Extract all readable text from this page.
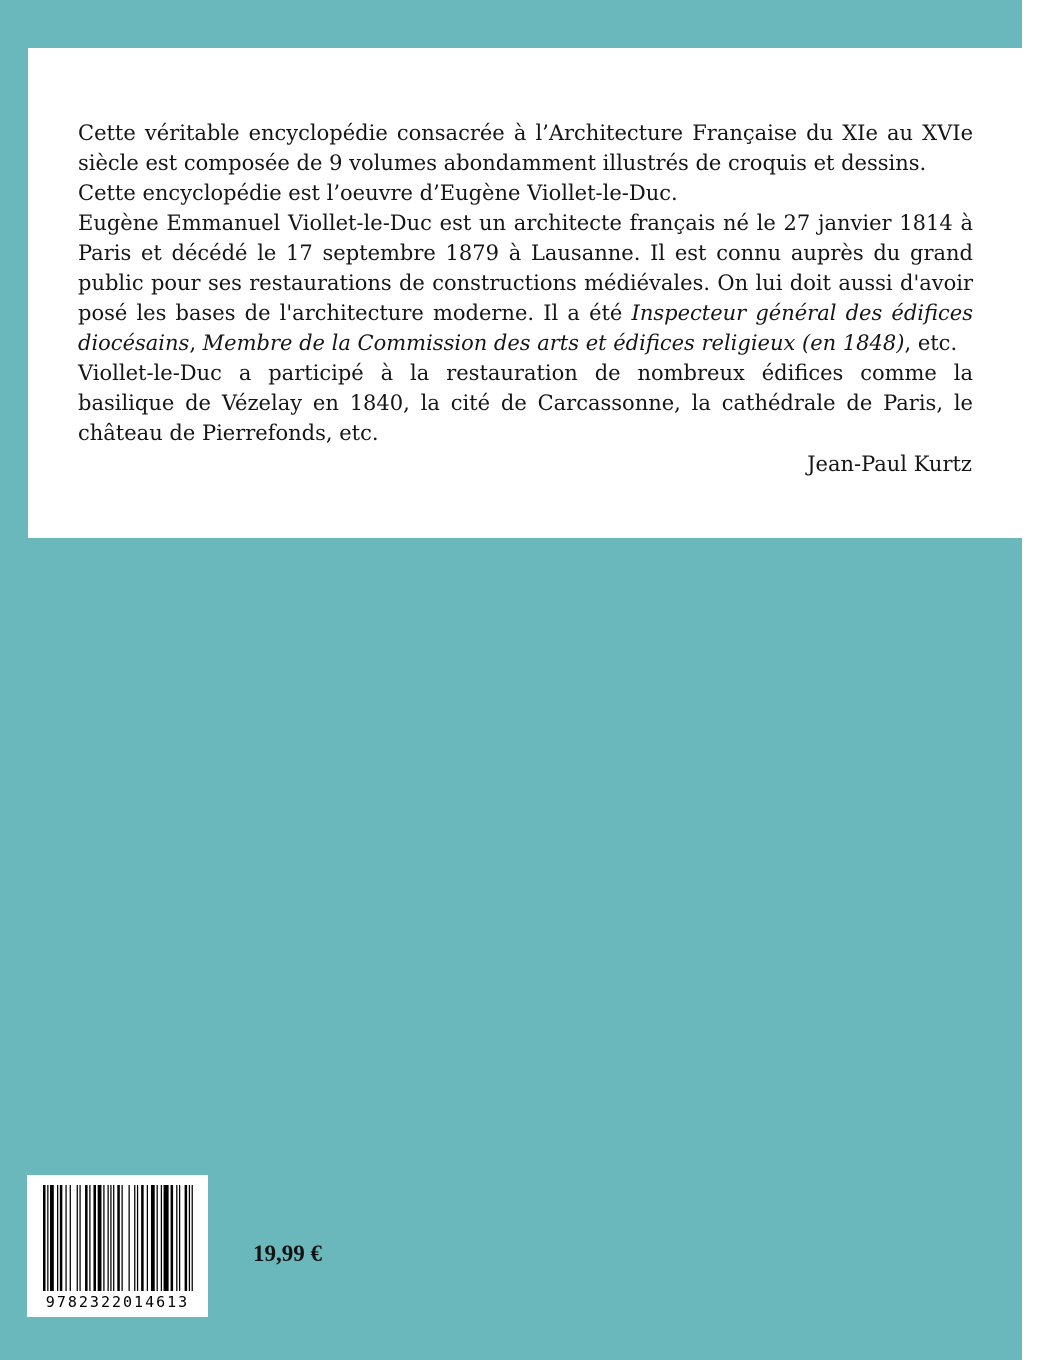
Cette véritable encyclopédie consacrée à l’Architecture Française du XIe au XVIe siècle est composée de 9 volumes abondamment illustrés de croquis et dessins.

Cette encyclopédie est l’oeuvre d’Eugène Viollet-le-Duc.

Eugène Emmanuel Viollet-le-Duc est un architecte français né le 27 janvier 1814 à Paris et décédé le 17 septembre 1879 à Lausanne. Il est connu auprès du grand public pour ses restaurations de constructions médiévales. On lui doit aussi d'avoir posé les bases de l'architecture moderne. Il a été Inspecteur général des édifices diocésains, Membre de la Commission des arts et édifices religieux (en 1848), etc.

Viollet-le-Duc a participé à la restauration de nombreux édifices comme la basilique de Vézelay en 1840, la cité de Carcassonne, la cathédrale de Paris, le château de Pierrefonds, etc.

Jean-Paul Kurtz
9782322014613
19,99 €
